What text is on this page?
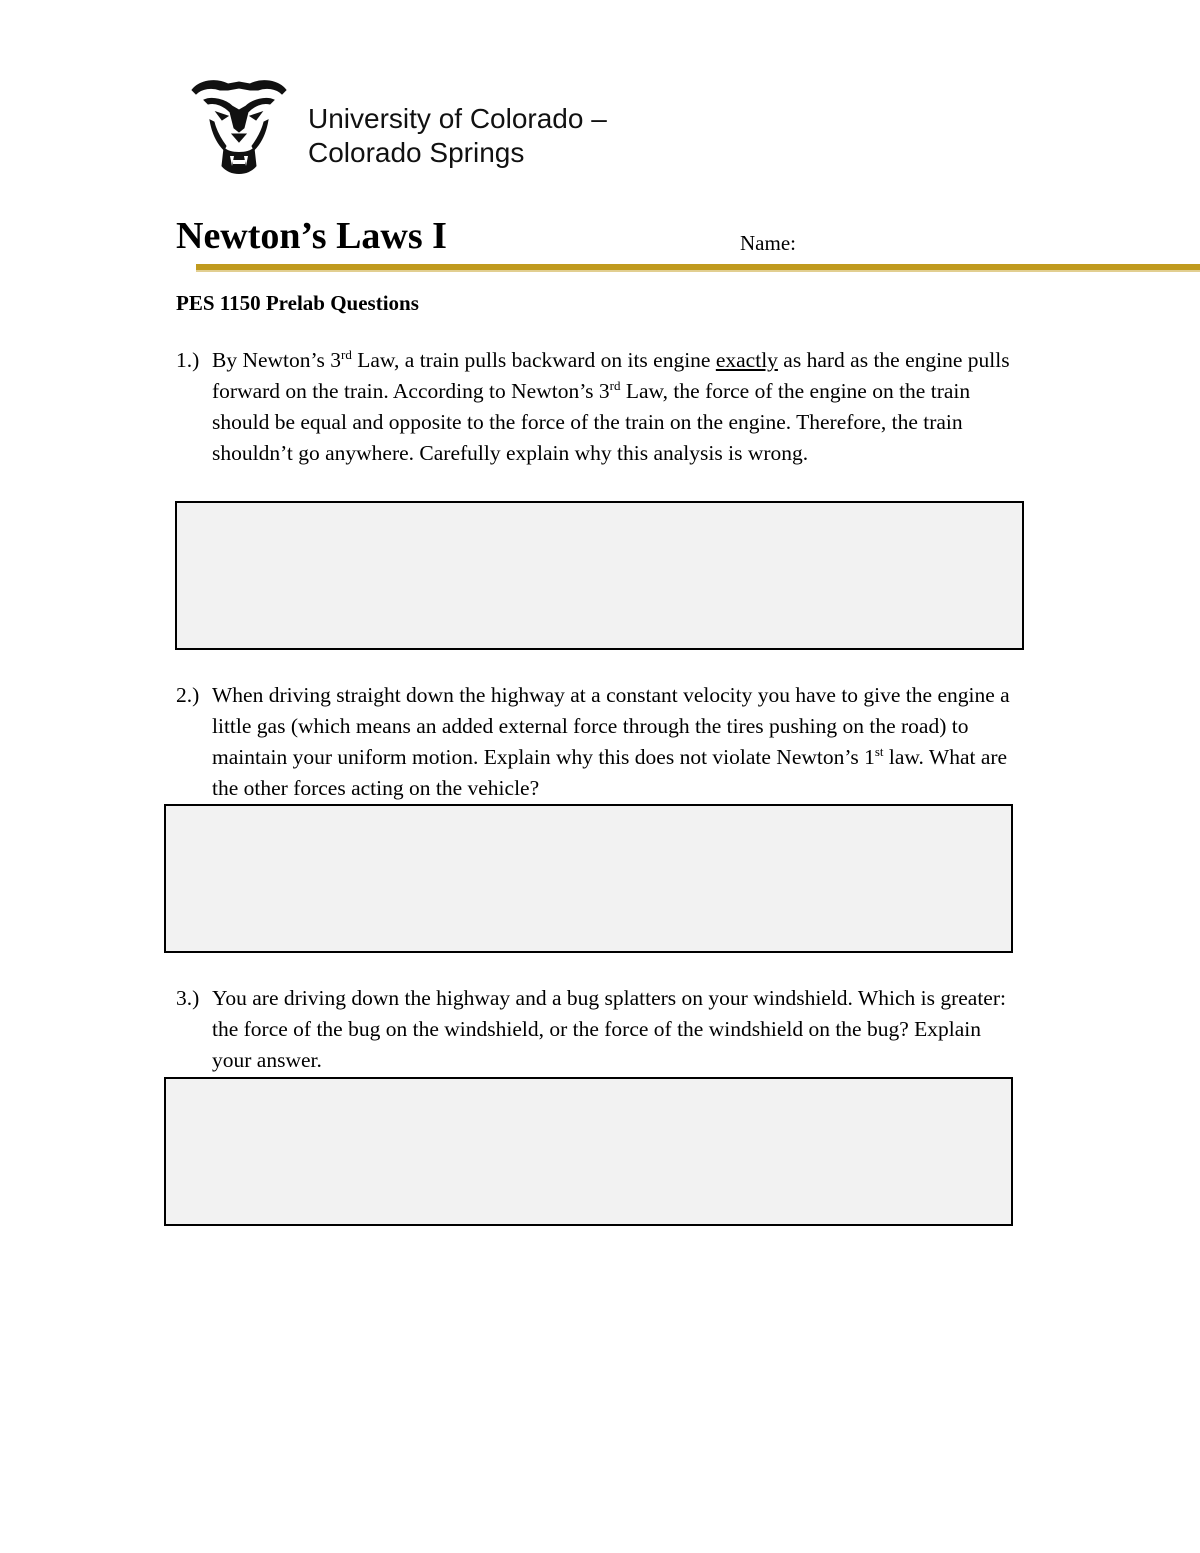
University of Colorado –
Colorado Springs
Newton’s Laws I	Name:
PES 1150 Prelab Questions
1.) By Newton’s 3rd Law, a train pulls backward on its engine exactly as hard as the engine pulls forward on the train. According to Newton’s 3rd Law, the force of the engine on the train should be equal and opposite to the force of the train on the engine. Therefore, the train shouldn’t go anywhere. Carefully explain why this analysis is wrong.
2.) When driving straight down the highway at a constant velocity you have to give the engine a little gas (which means an added external force through the tires pushing on the road) to maintain your uniform motion. Explain why this does not violate Newton’s 1st law. What are the other forces acting on the vehicle?
3.) You are driving down the highway and a bug splatters on your windshield. Which is greater: the force of the bug on the windshield, or the force of the windshield on the bug? Explain your answer.
